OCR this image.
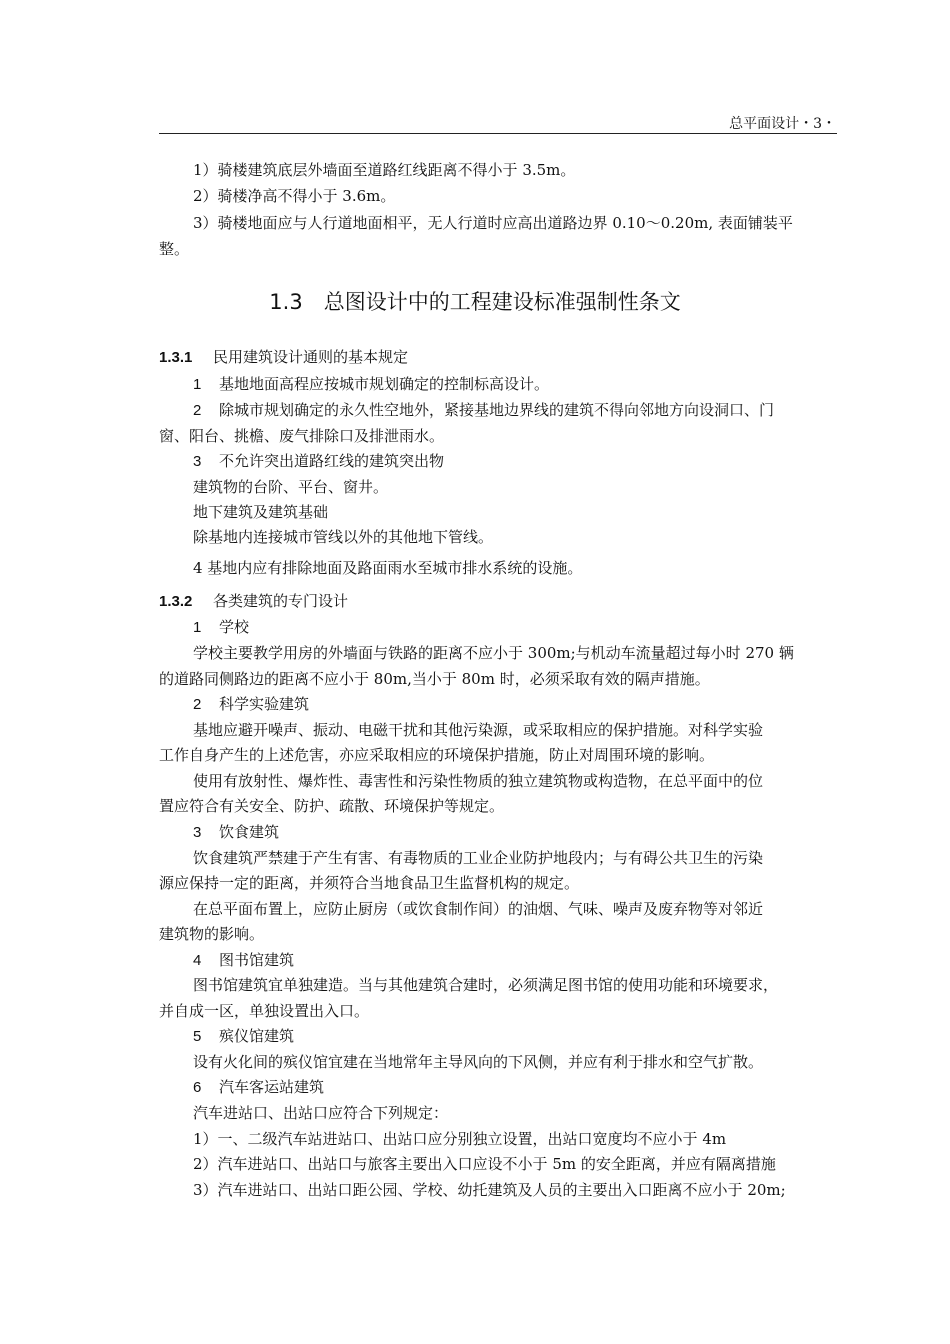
总平面设计・3・
1）骑楼建筑底层外墙面至道路红线距离不得小于 3.5m。
2）骑楼净高不得小于 3.6m。
3）骑楼地面应与人行道地面相平，无人行道时应高出道路边界 0.10～0.20m, 表面铺装平
整。
1.3　总图设计中的工程建设标准强制性条文
1.3.1 民用建筑设计通则的基本规定
1 基地地面高程应按城市规划确定的控制标高设计。
2 除城市规划确定的永久性空地外，紧接基地边界线的建筑不得向邻地方向设洞口、门
窗、阳台、挑檐、废气排除口及排泄雨水。
3 不允许突出道路红线的建筑突出物
建筑物的台阶、平台、窗井。
地下建筑及建筑基础
除基地内连接城市管线以外的其他地下管线。
4 基地内应有排除地面及路面雨水至城市排水系统的设施。
1.3.2 各类建筑的专门设计
1 学校
学校主要教学用房的外墙面与铁路的距离不应小于 300m;与机动车流量超过每小时 270 辆
的道路同侧路边的距离不应小于 80m,当小于 80m 时，必须采取有效的隔声措施。
2 科学实验建筑
基地应避开噪声、振动、电磁干扰和其他污染源，或采取相应的保护措施。对科学实验
工作自身产生的上述危害，亦应采取相应的环境保护措施，防止对周围环境的影响。
使用有放射性、爆炸性、毒害性和污染性物质的独立建筑物或构造物，在总平面中的位
置应符合有关安全、防护、疏散、环境保护等规定。
3 饮食建筑
饮食建筑严禁建于产生有害、有毒物质的工业企业防护地段内；与有碍公共卫生的污染
源应保持一定的距离，并须符合当地食品卫生监督机构的规定。
在总平面布置上，应防止厨房（或饮食制作间）的油烟、气味、噪声及废弃物等对邻近
建筑物的影响。
4 图书馆建筑
图书馆建筑宜单独建造。当与其他建筑合建时，必须满足图书馆的使用功能和环境要求，
并自成一区，单独设置出入口。
5 殡仪馆建筑
设有火化间的殡仪馆宜建在当地常年主导风向的下风侧，并应有利于排水和空气扩散。
6 汽车客运站建筑
汽车进站口、出站口应符合下列规定：
1）一、二级汽车站进站口、出站口应分别独立设置，出站口宽度均不应小于 4m
2）汽车进站口、出站口与旅客主要出入口应设不小于 5m 的安全距离，并应有隔离措施
3）汽车进站口、出站口距公园、学校、幼托建筑及人员的主要出入口距离不应小于 20m;
